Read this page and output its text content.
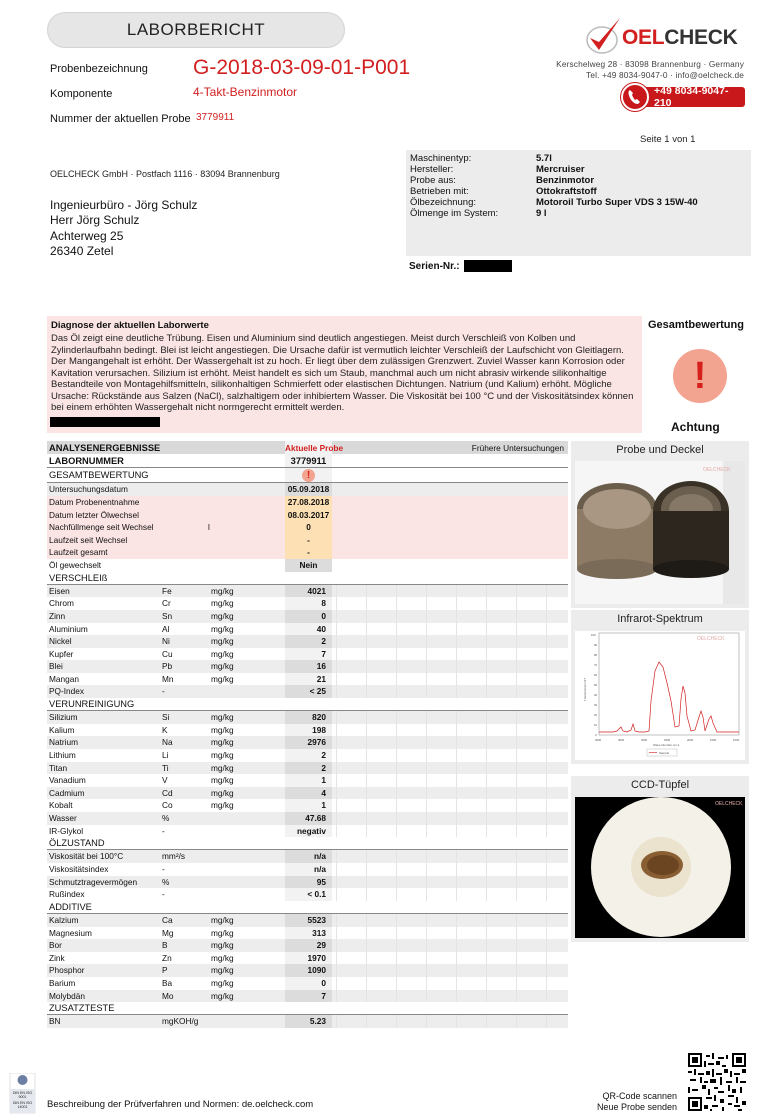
LABORBERICHT
Probenbezeichnung G-2018-03-09-01-P001
Komponente	4-Takt-Benzinmotor
Nummer der aktuellen Probe 3779911
OELCHECK
Kerschelweg 28 · 83098 Brannenburg · Germany
Tel. +49 8034-9047-0 · info@oelcheck.de
+49 8034-9047-210
Seite 1 von 1
OELCHECK GmbH · Postfach 1116 · 83094 Brannenburg
Ingenieurbüro - Jörg Schulz
Herr Jörg Schulz
Achterweg 25
26340 Zetel
Maschinentyp:	5.7l
Hersteller:	Mercruiser
Probe aus:	Benzinmotor
Betrieben mit:	Ottokraftstoff
Ölbezeichnung:	Motoroil Turbo Super VDS 3 15W-40
Ölmenge im System:	9 l
Serien-Nr.:
Diagnose der aktuellen Laborwerte
Das Öl zeigt eine deutliche Trübung. Eisen und Aluminium sind deutlich angestiegen. Meist durch Verschleiß von Kolben und Zylinderlaufbahn bedingt. Blei ist leicht angestiegen. Die Ursache dafür ist vermutlich leichter Verschleiß der Laufschicht von Gleitlagern. Der Mangangehalt ist erhöht. Der Wassergehalt ist zu hoch. Er liegt über dem zulässigen Grenzwert. Zuviel Wasser kann Korrosion oder Kavitation verursachen. Silizium ist erhöht. Meist handelt es sich um Staub, manchmal auch um nicht abrasiv wirkende silikonhaltige Bestandteile von Montagehilfsmitteln, silikonhaltigen Schmierfett oder elastischen Dichtungen. Natrium (und Kalium) erhöht. Mögliche Ursache: Rückstände aus Salzen (NaCl), salzhaltigem oder inhibiertem Wasser. Die Viskosität bei 100 °C und der Viskositätsindex können bei einem erhöhten Wassergehalt nicht normgerecht ermittelt werden.
Gesamtbewertung
!
Achtung
ANALYSENERGEBNISSE	Aktuelle Probe	Frühere Untersuchungen
LABORNUMMER	3779911
GESAMTBEWERTUNG	!
Untersuchungsdatum	05.09.2018
Datum Probenentnahme	27.08.2018
Datum letzter Ölwechsel	08.03.2017
Nachfüllmenge seit Wechsel	l	0
Laufzeit seit Wechsel	-
Laufzeit gesamt	-
Öl gewechselt	Nein
VERSCHLEIß
Eisen	Fe	mg/kg	4021
Chrom	Cr	mg/kg	8
Zinn	Sn	mg/kg	0
Aluminium	Al	mg/kg	40
Nickel	Ni	mg/kg	2
Kupfer	Cu	mg/kg	7
Blei	Pb	mg/kg	16
Mangan	Mn	mg/kg	21
PQ-Index	-	< 25
VERUNREINIGUNG
Silizium	Si	mg/kg	820
Kalium	K	mg/kg	198
Natrium	Na	mg/kg	2976
Lithium	Li	mg/kg	2
Titan	Ti	mg/kg	2
Vanadium	V	mg/kg	1
Cadmium	Cd	mg/kg	4
Kobalt	Co	mg/kg	1
Wasser	%	47.68
IR-Glykol	-	negativ
ÖLZUSTAND
Viskosität bei 100°C	mm²/s	n/a
Viskositätsindex	-	n/a
Schmutztragevermögen	%	95
Rußindex	-	< 0.1
ADDITIVE
Kalzium	Ca	mg/kg	5523
Magnesium	Mg	mg/kg	313
Bor	B	mg/kg	29
Zink	Zn	mg/kg	1970
Phosphor	P	mg/kg	1090
Barium	Ba	mg/kg	0
Molybdän	Mo	mg/kg	7
ZUSATZTESTE
BN	mgKOH/g	5.23
Probe und Deckel
OELCHECK
Infrarot-Spektrum
100
90
80
70
60
50
40
30
20
10
0
Transmission %T
4000	3500	3000	2500	2000	1500	1000
Wave Number cm-1
Sample
OELCHECK
CCD-Tüpfel
OELCHECK
DIN EN ISO
9001
DIN EN ISO
14001 Beschreibung der Prüfverfahren und Normen: de.oelcheck.com
QR-Code scannen
Neue Probe senden
